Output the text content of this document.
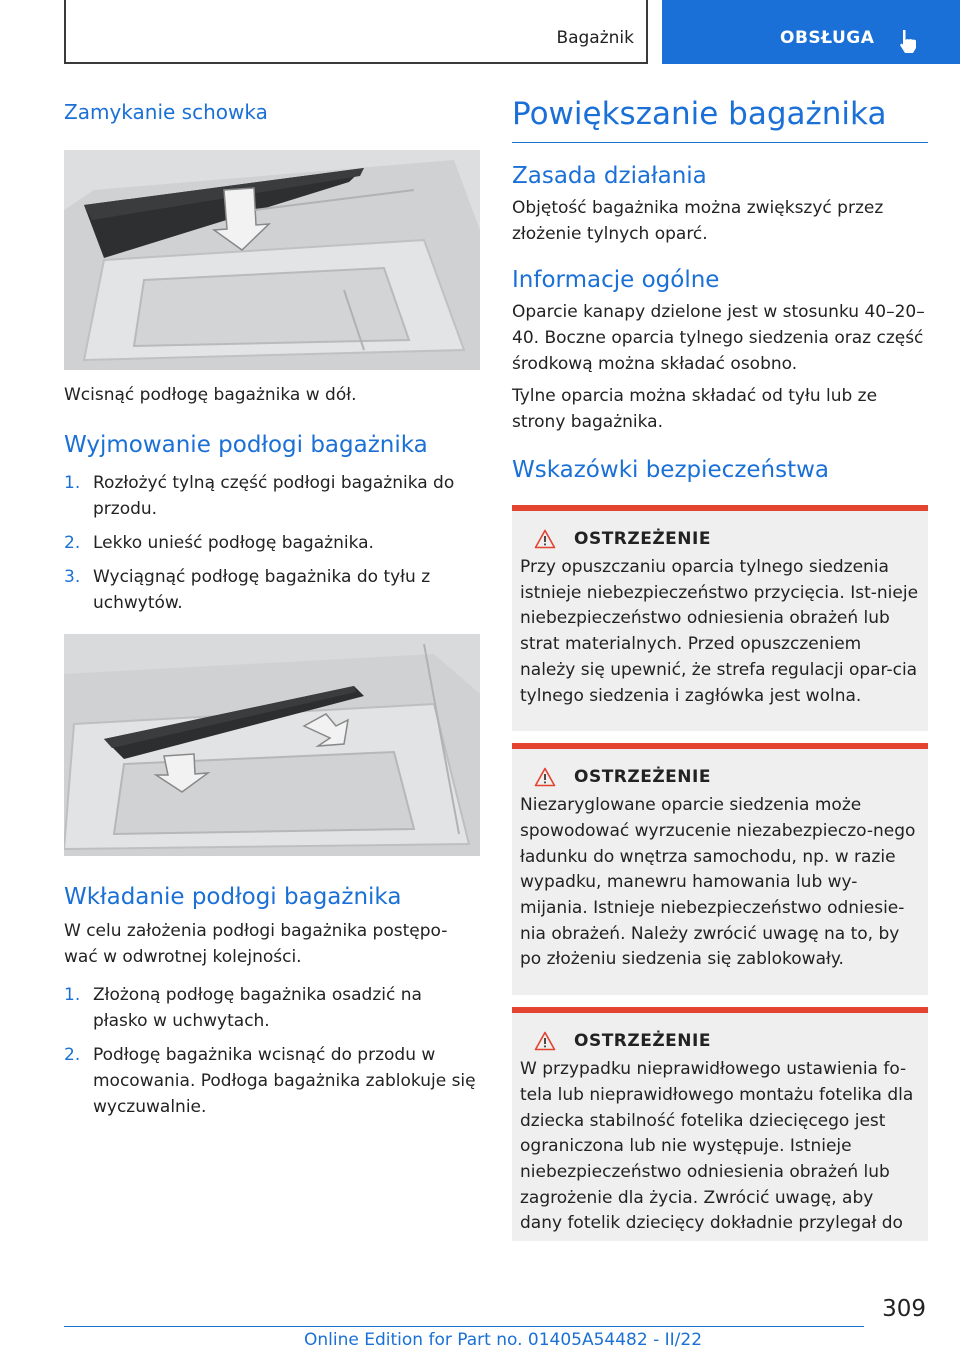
Bagażnik	OBSŁUGA
Zamykanie schowka

Wcisnąć podłogę bagażnika w dół.

Wyjmowanie podłogi bagażnika
1. Rozłożyć tylną część podłogi bagażnika do przodu.
2. Lekko unieść podłogę bagażnika.
3. Wyciągnąć podłogę bagażnika do tyłu z uchwytów.
Wkładanie podłogi bagażnika

W celu założenia podłogi bagażnika postępo-wać w odwrotnej kolejności.

1. Złożoną podłogę bagażnika osadzić na płasko w uchwytach.
2. Podłogę bagażnika wcisnąć do przodu w mocowania. Podłoga bagażnika zablokuje się wyczuwalnie.
Powiększanie bagażnika
Zasada działania

Objętość bagażnika można zwiększyć przez złożenie tylnych oparć.

Informacje ogólne

Oparcie kanapy dzielone jest w stosunku 40–20–40. Boczne oparcia tylnego siedzenia oraz część środkową można składać osobno.

Tylne oparcia można składać od tyłu lub ze strony bagażnika.

Wskazówki bezpieczeństwa
OSTRZEŻENIE

Przy opuszczaniu oparcia tylnego siedzenia istnieje niebezpieczeństwo przycięcia. Ist-nieje niebezpieczeństwo odniesienia obrażeń lub strat materialnych. Przed opuszczeniem należy się upewnić, że strefa regulacji opar-cia tylnego siedzenia i zagłówka jest wolna.

OSTRZEŻENIE

Niezaryglowane oparcie siedzenia może spowodować wyrzucenie niezabezpieczo-nego ładunku do wnętrza samochodu, np. w razie wypadku, manewru hamowania lub wy-mijania. Istnieje niebezpieczeństwo odniesie-nia obrażeń. Należy zwrócić uwagę na to, by po złożeniu siedzenia się zablokowały.

OSTRZEŻENIE

W przypadku nieprawidłowego ustawienia fo-tela lub nieprawidłowego montażu fotelika dla dziecka stabilność fotelika dziecięcego jest ograniczona lub nie występuje. Istnieje niebezpieczeństwo odniesienia obrażeń lub zagrożenie dla życia. Zwrócić uwagę, aby dany fotelik dziecięcy dokładnie przylegał do

309
Online Edition for Part no. 01405A54482 - II/22
